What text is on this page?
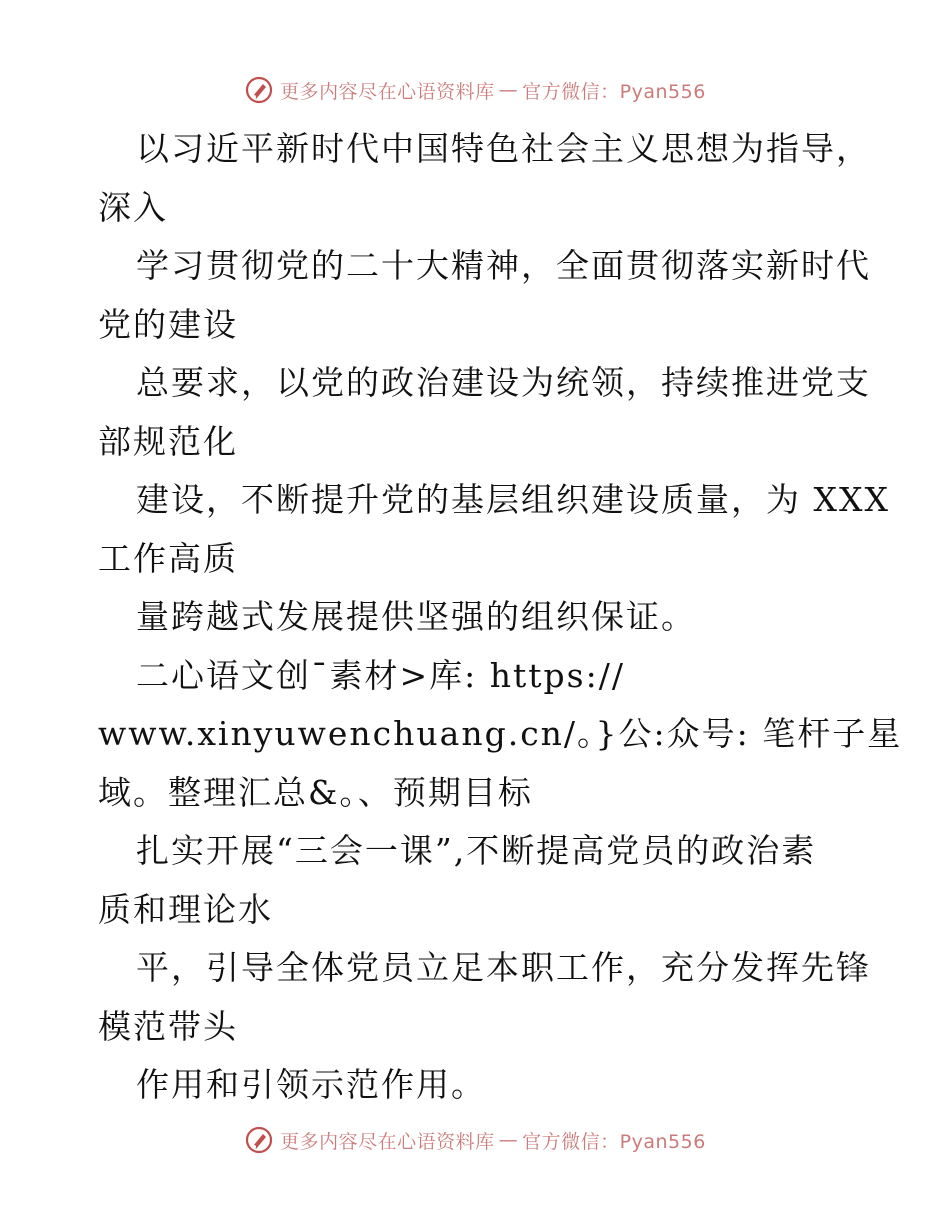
更多内容尽在心语资料库 — 官方微信：Pyan556
以习近平新时代中国特色社会主义思想为指导，
深入
学习贯彻党的二十大精神，全面贯彻落实新时代
党的建设
总要求，以党的政治建设为统领，持续推进党支
部规范化
建设，不断提升党的基层组织建设质量，为 XXX
工作高质
量跨越式发展提供坚强的组织保证。
二心语文创¯素材>库: https://
www.xinyuwenchuang.cn/。}公:众号: 笔杆子星
域。整理汇总&。、预期目标
扎实开展“三会一课”,不断提高党员的政治素
质和理论水
平，引导全体党员立足本职工作，充分发挥先锋
模范带头
作用和引领示范作用。
更多内容尽在心语资料库 — 官方微信：Pyan556
